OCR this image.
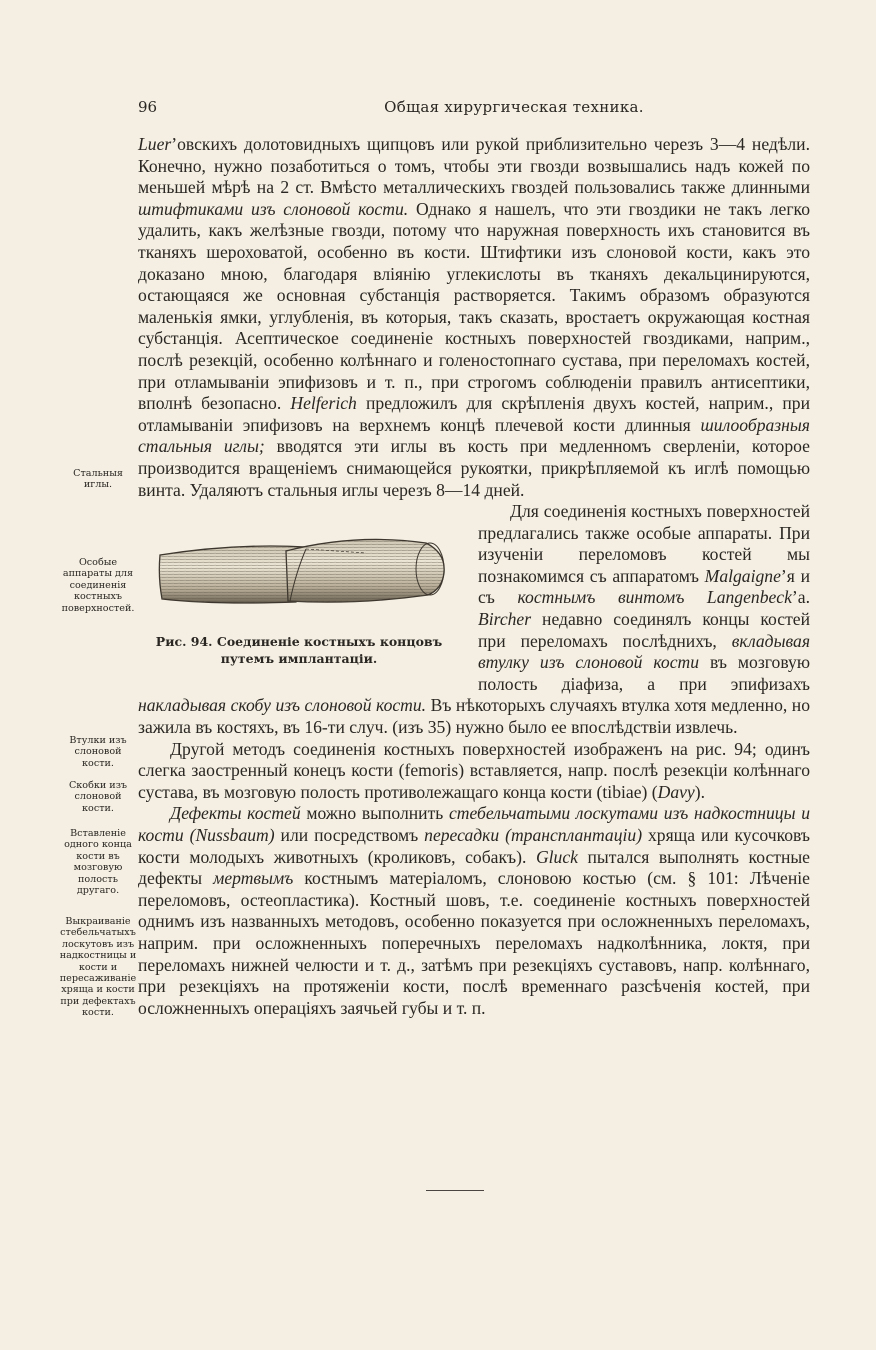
96	Общая хирургическая техника.
Стальныя иглы.
Особые аппараты для соединенія костныхъ поверхностей.
Втулки изъ слоновой кости.
Скобки изъ слоновой кости.
Вставленіе одного конца кости въ мозговую полость другаго.
Выкраиваніе стебельчатыхъ лоскутовъ изъ надкостницы и кости и пересаживаніе хряща и кости при дефектахъ кости.

Luer’овскихъ долотовидныхъ щипцовъ или рукой приблизительно черезъ 3—4 недѣли. Конечно, нужно позаботиться о томъ, чтобы эти гвозди возвышались надъ кожей по меньшей мѣрѣ на 2 ст. Вмѣсто металлическихъ гвоздей пользовались также длинными штифтиками изъ слоновой кости. Однако я нашелъ, что эти гвоздики не такъ легко удалить, какъ желѣзные гвозди, потому что наружная поверхность ихъ становится въ тканяхъ шероховатой, особенно въ кости. Штифтики изъ слоновой кости, какъ это доказано мною, благодаря вліянію углекислоты въ тканяхъ декальцинируются, остающаяся же основная субстанція растворяется. Такимъ образомъ образуются маленькія ямки, углубленія, въ которыя, такъ сказать, вростаетъ окружающая костная субстанція. Асептическое соединеніе костныхъ поверхностей гвоздиками, наприм., послѣ резекцій, особенно колѣннаго и голеностопнаго сустава, при переломахъ костей, при отламываніи эпифизовъ и т. п., при строгомъ соблюденіи правилъ антисептики, вполнѣ безопасно. Helferich предложилъ для скрѣпленія двухъ костей, наприм., при отламываніи эпифизовъ на верхнемъ концѣ плечевой кости длинныя шилообразныя стальныя иглы; вводятся эти иглы въ кость при медленномъ сверленіи, которое производится вращеніемъ снимающейся рукоятки, прикрѣпляемой къ иглѣ помощью винта. Удаляютъ стальныя иглы черезъ 8—14 дней.

Рис. 94. Соединеніе костныхъ концовъ
путемъ имплантаціи.

Для соединенія костныхъ поверхностей предлагались также особые аппараты. При изученіи переломовъ костей мы познакомимся съ аппаратомъ Malgaigne’я и съ костнымъ винтомъ Langenbeck’а. Bircher недавно соединялъ концы костей при переломахъ послѣднихъ, вкладывая втулку изъ слоновой кости въ мозговую полость діафиза, а при эпифизахъ накладывая скобу изъ слоновой кости. Въ нѣкоторыхъ случаяхъ втулка хотя медленно, но зажила въ костяхъ, въ 16-ти случ. (изъ 35) нужно было ее впослѣдствіи извлечь.

Другой методъ соединенія костныхъ поверхностей изображенъ на рис. 94; одинъ слегка заостренный конецъ кости (femoris) вставляется, напр. послѣ резекціи колѣннаго сустава, въ мозговую полость противолежащаго конца кости (tibiae) (Davy).

Дефекты костей можно выполнить стебельчатыми лоскутами изъ надкостницы и кости (Nussbaum) или посредствомъ пересадки (трансплантаціи) хряща или кусочковъ кости молодыхъ животныхъ (кроликовъ, собакъ). Gluck пытался выполнять костные дефекты мертвымъ костнымъ матеріаломъ, слоновою костью (см. § 101: Лѣченіе переломовъ, остеопластика). Костный шовъ, т.е. соединеніе костныхъ поверхностей однимъ изъ названныхъ методовъ, особенно показуется при осложненныхъ переломахъ, наприм. при осложненныхъ поперечныхъ переломахъ надколѣнника, локтя, при переломахъ нижней челюсти и т. д., затѣмъ при резекціяхъ суставовъ, напр. колѣннаго, при резекціяхъ на протяженіи кости, послѣ временнаго разсѣченія костей, при осложненныхъ операціяхъ заячьей губы и т. п.
